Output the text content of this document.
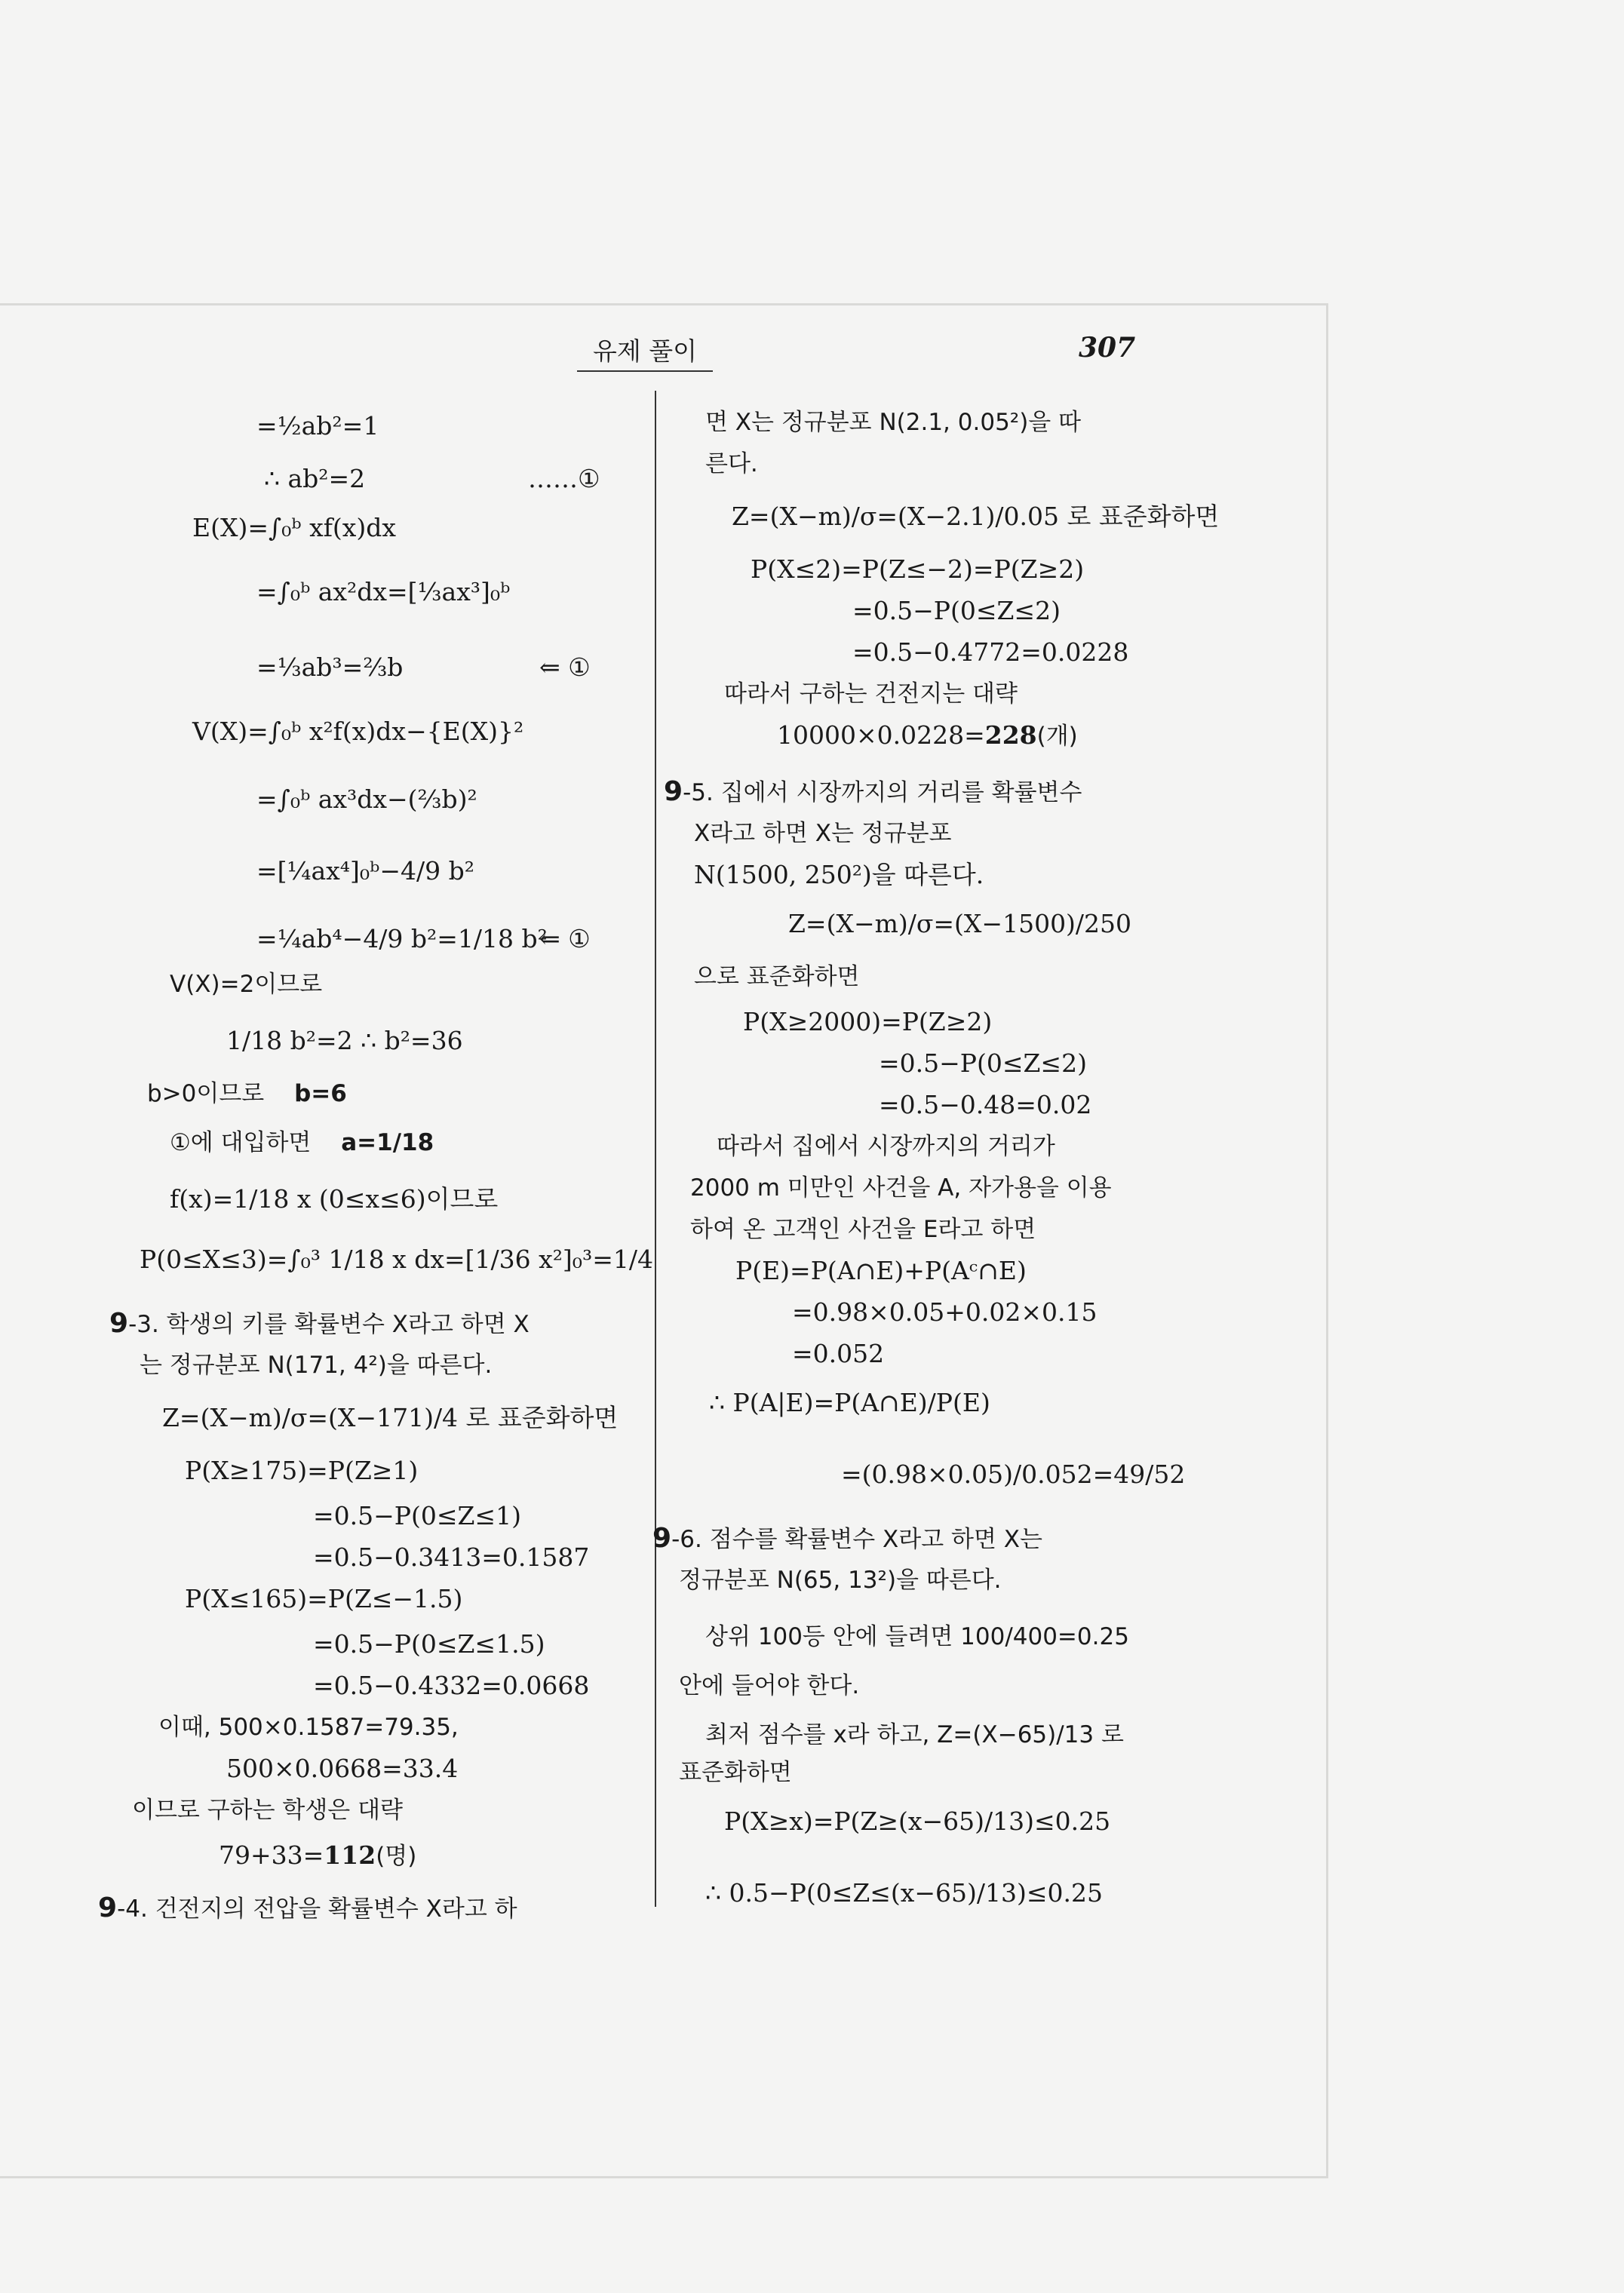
유제 풀이	307
=½ab²=1
∴ ab²=2	……①
E(X)=∫₀ᵇ xf(x)dx
=∫₀ᵇ ax²dx=[⅓ax³]₀ᵇ
=⅓ab³=⅔b	⇐ ①
V(X)=∫₀ᵇ x²f(x)dx−{E(X)}²
=∫₀ᵇ ax³dx−(⅔b)²
=[¼ax⁴]₀ᵇ−4/9 b²
=¼ab⁴−4/9 b²=1/18 b²
⇐ ①
V(X)=2이므로
1/18 b²=2 ∴ b²=36
b>0이므로 b=6
①에 대입하면 a=1/18
f(x)=1/18 x (0≤x≤6)이므로
P(0≤X≤3)=∫₀³ 1/18 x dx=[1/36 x²]₀³=1/4
9-3. 학생의 키를 확률변수 X라고 하면 X
는 정규분포 N(171, 4²)을 따른다.
Z=(X−m)/σ=(X−171)/4 로 표준화하면
P(X≥175)=P(Z≥1)
=0.5−P(0≤Z≤1)
=0.5−0.3413=0.1587
P(X≤165)=P(Z≤−1.5)
=0.5−P(0≤Z≤1.5)
=0.5−0.4332=0.0668
이때, 500×0.1587=79.35,
500×0.0668=33.4
이므로 구하는 학생은 대략
79+33=112(명)
9-4. 건전지의 전압을 확률변수 X라고 하
면 X는 정규분포 N(2.1, 0.05²)을 따
른다.
Z=(X−m)/σ=(X−2.1)/0.05 로 표준화하면
P(X≤2)=P(Z≤−2)=P(Z≥2)
=0.5−P(0≤Z≤2)
=0.5−0.4772=0.0228
따라서 구하는 건전지는 대략
10000×0.0228=228(개)
9-5. 집에서 시장까지의 거리를 확률변수
X라고 하면 X는 정규분포
N(1500, 250²)을 따른다.
Z=(X−m)/σ=(X−1500)/250
으로 표준화하면
P(X≥2000)=P(Z≥2)
=0.5−P(0≤Z≤2)
=0.5−0.48=0.02
따라서 집에서 시장까지의 거리가
2000 m 미만인 사건을 A, 자가용을 이용
하여 온 고객인 사건을 E라고 하면
P(E)=P(A∩E)+P(Aᶜ∩E)
=0.98×0.05+0.02×0.15
=0.052
∴ P(A|E)=P(A∩E)/P(E)
=(0.98×0.05)/0.052=49/52
9-6. 점수를 확률변수 X라고 하면 X는
정규분포 N(65, 13²)을 따른다.
상위 100등 안에 들려면 100/400=0.25
안에 들어야 한다.
최저 점수를 x라 하고, Z=(X−65)/13 로
표준화하면
P(X≥x)=P(Z≥(x−65)/13)≤0.25
∴ 0.5−P(0≤Z≤(x−65)/13)≤0.25
